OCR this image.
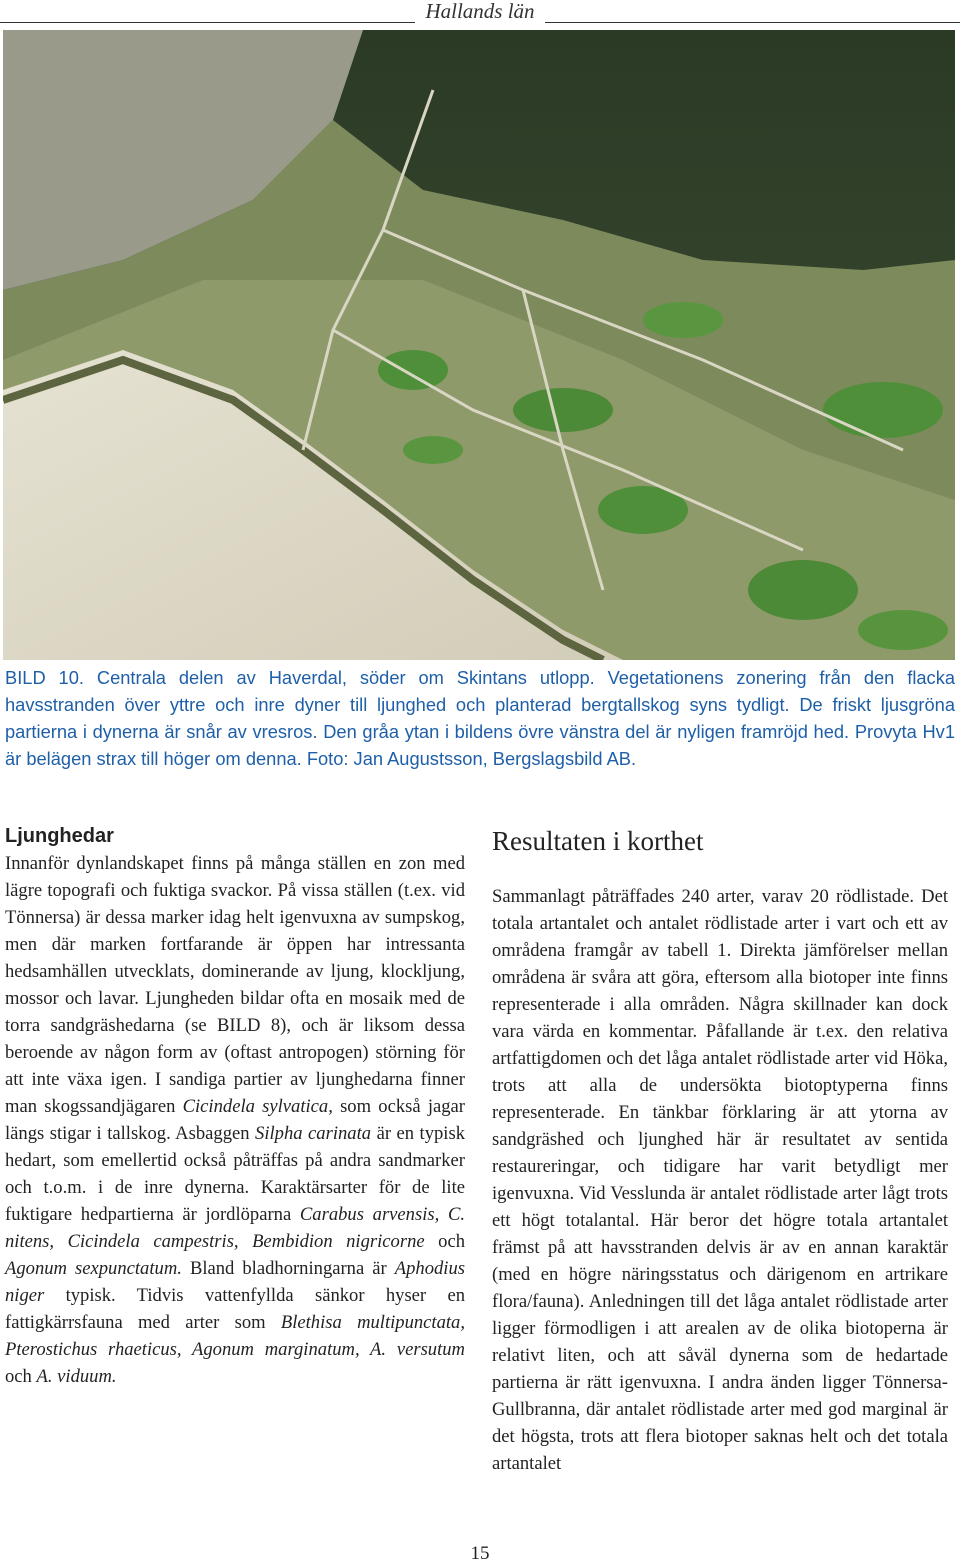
Hallands län
BILD 10. Centrala delen av Haverdal, söder om Skintans utlopp. Vegetationens zonering från den flacka havsstranden över yttre och inre dyner till ljunghed och planterad bergtallskog syns tydligt. De friskt ljusgröna partierna i dynerna är snår av vresros. Den gråa ytan i bildens övre vänstra del är nyligen framröjd hed. Provyta Hv1 är belägen strax till höger om denna. Foto: Jan Augustsson, Bergslagsbild AB.
Ljunghedar

Innanför dynlandskapet finns på många ställen en zon med lägre topografi och fuktiga svackor. På vissa ställen (t.ex. vid Tönnersa) är dessa marker idag helt igenvuxna av sumpskog, men där marken fortfarande är öppen har intressanta hedsamhällen utvecklats, dominerande av ljung, klockljung, mossor och lavar. Ljungheden bildar ofta en mosaik med de torra sandgräshedarna (se BILD 8), och är liksom dessa beroende av någon form av (oftast antropogen) störning för att inte växa igen. I sandiga partier av ljunghedarna finner man skogssandjägaren Cicindela sylvatica, som också jagar längs stigar i tallskog. Asbaggen Silpha carinata är en typisk hedart, som emellertid också påträffas på andra sandmarker och t.o.m. i de inre dynerna. Karaktärsarter för de lite fuktigare hedpartierna är jordlöparna Carabus arvensis, C. nitens, Cicindela campestris, Bembidion nigricorne och Agonum sexpunctatum. Bland bladhorningarna är Aphodius niger typisk. Tidvis vattenfyllda sänkor hyser en fattigkärrsfauna med arter som Blethisa multipunctata, Pterostichus rhaeticus, Agonum marginatum, A. versutum och A. viduum.

Resultaten i korthet

Sammanlagt påträffades 240 arter, varav 20 rödlistade. Det totala artantalet och antalet rödlistade arter i vart och ett av områdena framgår av tabell 1. Direkta jämförelser mellan områdena är svåra att göra, eftersom alla biotoper inte finns representerade i alla områden. Några skillnader kan dock vara värda en kommentar. Påfallande är t.ex. den relativa artfattigdomen och det låga antalet rödlistade arter vid Höka, trots att alla de undersökta biotoptyperna finns representerade. En tänkbar förklaring är att ytorna av sandgräshed och ljunghed här är resultatet av sentida restaureringar, och tidigare har varit betydligt mer igenvuxna. Vid Vesslunda är antalet rödlistade arter lågt trots ett högt totalantal. Här beror det högre totala artantalet främst på att havsstranden delvis är av en annan karaktär (med en högre näringsstatus och därigenom en artrikare flora/fauna). Anledningen till det låga antalet rödlistade arter ligger förmodligen i att arealen av de olika biotoperna är relativt liten, och att såväl dynerna som de hedartade partierna är rätt igenvuxna. I andra änden ligger Tönnersa-Gullbranna, där antalet rödlistade arter med god marginal är det högsta, trots att flera biotoper saknas helt och det totala artantalet

15
